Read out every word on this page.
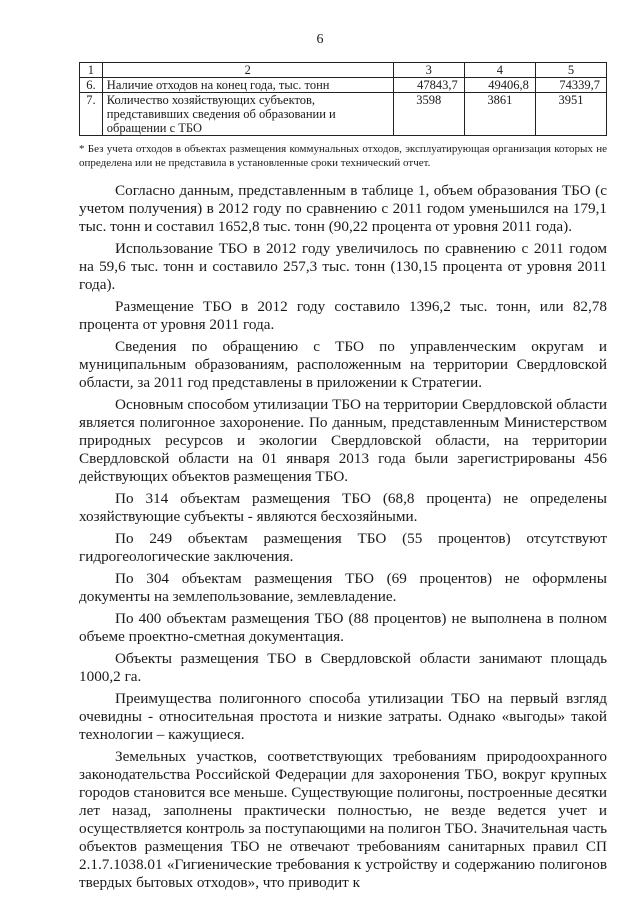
6
1	2	3	4	5
6.	Наличие отходов на конец года, тыс. тонн	47843,7	49406,8	74339,7
7.	Количество хозяйствующих субъектов, представивших сведения об образовании и обращении с ТБО	3598	3861	3951
* Без учета отходов в объектах размещения коммунальных отходов, эксплуатирующая организация которых не определена или не представила в установленные сроки технический отчет.

Согласно данным, представленным в таблице 1, объем образования ТБО (с учетом получения) в 2012 году по сравнению с 2011 годом уменьшился на 179,1 тыс. тонн и составил 1652,8 тыс. тонн (90,22 процента от уровня 2011 года).

Использование ТБО в 2012 году увеличилось по сравнению с 2011 годом на 59,6 тыс. тонн и составило 257,3 тыс. тонн (130,15 процента от уровня 2011 года).

Размещение ТБО в 2012 году составило 1396,2 тыс. тонн, или 82,78 процента от уровня 2011 года.

Сведения по обращению с ТБО по управленческим округам и муниципальным образованиям, расположенным на территории Свердловской области, за 2011 год представлены в приложении к Стратегии.

Основным способом утилизации ТБО на территории Свердловской области является полигонное захоронение. По данным, представленным Министерством природных ресурсов и экологии Свердловской области, на территории Свердловской области на 01 января 2013 года были зарегистрированы 456 действующих объектов размещения ТБО.

По 314 объектам размещения ТБО (68,8 процента) не определены хозяйствующие субъекты - являются бесхозяйными.

По 249 объектам размещения ТБО (55 процентов) отсутствуют гидрогеологические заключения.

По 304 объектам размещения ТБО (69 процентов) не оформлены документы на землепользование, землевладение.

По 400 объектам размещения ТБО (88 процентов) не выполнена в полном объеме проектно-сметная документация.

Объекты размещения ТБО в Свердловской области занимают площадь 1000,2 га.

Преимущества полигонного способа утилизации ТБО на первый взгляд очевидны - относительная простота и низкие затраты. Однако «выгоды» такой технологии – кажущиеся.

Земельных участков, соответствующих требованиям природоохранного законодательства Российской Федерации для захоронения ТБО, вокруг крупных городов становится все меньше. Существующие полигоны, построенные десятки лет назад, заполнены практически полностью, не везде ведется учет и осуществляется контроль за поступающими на полигон ТБО. Значительная часть объектов размещения ТБО не отвечают требованиям санитарных правил СП 2.1.7.1038.01 «Гигиенические требования к устройству и содержанию полигонов твердых бытовых отходов», что приводит к
